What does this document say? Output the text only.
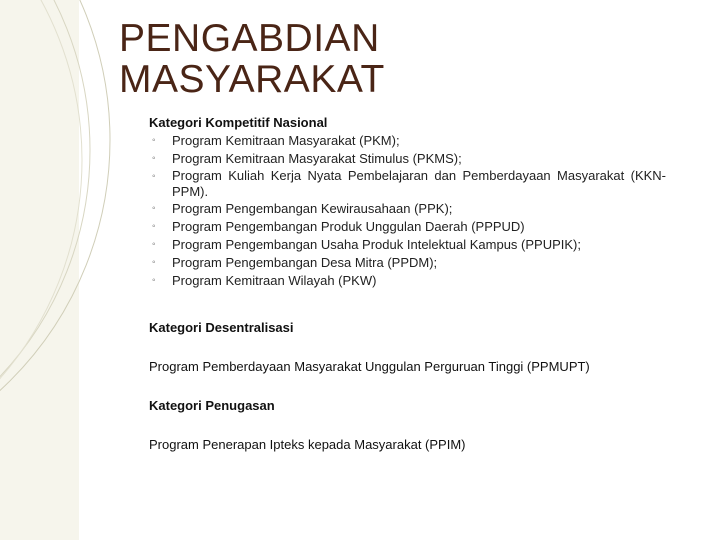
PENGABDIAN
MASYARAKAT
Kategori Kompetitif Nasional
◦ Program Kemitraan Masyarakat (PKM);
◦ Program Kemitraan Masyarakat Stimulus (PKMS);
◦ Program Kuliah Kerja Nyata Pembelajaran dan Pemberdayaan Masyarakat (KKN-PPM).
◦ Program Pengembangan Kewirausahaan (PPK);
◦ Program Pengembangan Produk Unggulan Daerah (PPPUD)
◦ Program Pengembangan Usaha Produk Intelektual Kampus (PPUPIK);
◦ Program Pengembangan Desa Mitra (PPDM);
◦ Program Kemitraan Wilayah (PKW)
Kategori Desentralisasi
Program Pemberdayaan Masyarakat Unggulan Perguruan Tinggi (PPMUPT)
Kategori Penugasan
Program Penerapan Ipteks kepada Masyarakat (PPIM)
